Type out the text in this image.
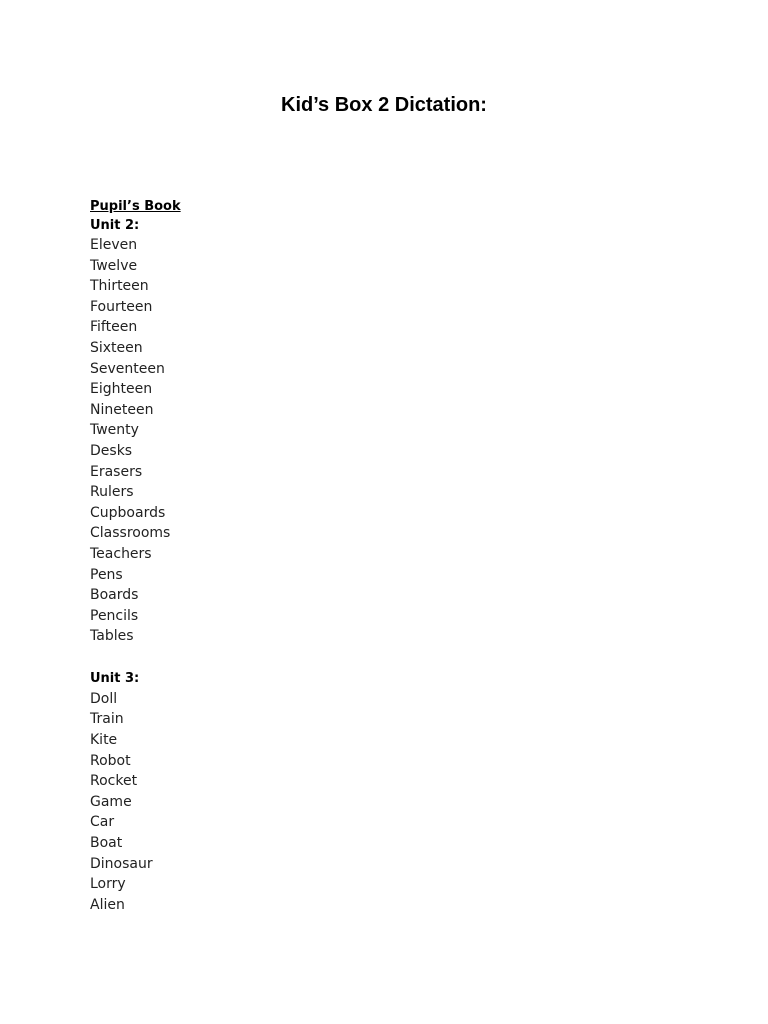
Kid’s Box 2 Dictation:
Pupil’s Book
Unit 2:
Eleven
Twelve
Thirteen
Fourteen
Fifteen
Sixteen
Seventeen
Eighteen
Nineteen
Twenty
Desks
Erasers
Rulers
Cupboards
Classrooms
Teachers
Pens
Boards
Pencils
Tables
Unit 3:
Doll
Train
Kite
Robot
Rocket
Game
Car
Boat
Dinosaur
Lorry
Alien
